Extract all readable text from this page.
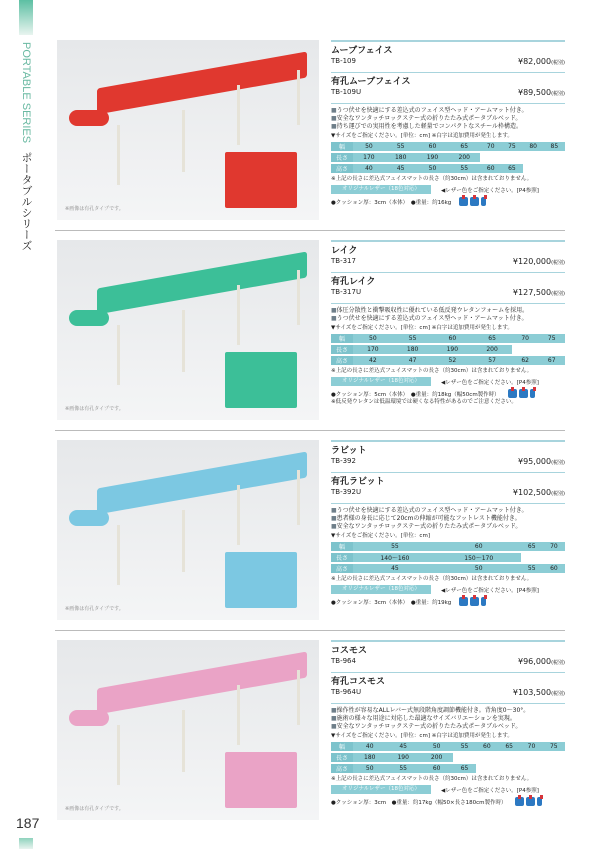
PORTABLE SERIES ポータブルシリーズ	※画像は有孔タイプです。
ムーブフェイス
TB-109	¥82,000(税別)
有孔ムーブフェイス
TB-109U	¥89,500(税別)
■ うつ伏せを快適にする差込式のフェイス型ヘッド・アームマット付き。
■ 安全なワンタッチロックステー式の折りたたみ式ポータブルベッド。
■ 持ち運びでの実用性を考慮した軽量でコンパクトなスチール枠構造。
▼サイズをご指定ください。[単位：cm] ※白字は追加費用が発生します。
幅	50	55	60	65	70	75	80	85
長さ	170	180	190	200				
高さ	40	45	50	55	60	65		
※上記の長さに差込式フェイスマットの長さ（約30cm）は含まれておりません。
オリジナルレザー（18色対応）	◀レザー色をご指定ください。[P4参照]
●クッション厚：3cm（本体）　●重量：約16kg
※画像は有孔タイプです。
レイク
TB-317	¥120,000(税別)
有孔レイク
TB-317U	¥127,500(税別)
■ 体圧分散性と衝撃吸収性に優れている低反発ウレタンフォームを採用。
■ うつ伏せを快適にする差込式のフェイス型ヘッド・アームマット付き。
▼サイズをご指定ください。[単位：cm] ※白字は追加費用が発生します。
幅	50	55	60	65	70	75
長さ	170	180	190	200		
高さ	42	47	52	57	62	67
※上記の長さに差込式フェイスマットの長さ（約30cm）は含まれておりません。
オリジナルレザー（18色対応）	◀レザー色をご指定ください。[P4参照]
●クッション厚：5cm（本体）　●重量：約18kg（幅50cm製作時）
※低反発ウレタンは低温環境では硬くなる特性があるのでご注意ください。
※画像は有孔タイプです。
ラビット
TB-392	¥95,000(税別)
有孔ラビット
TB-392U	¥102,500(税別)
■ うつ伏せを快適にする差込式のフェイス型ヘッド・アームマット付き。
■ 患者様の身長に応じて20cmの伸縮が可能なフットレスト機能付き。
■ 安全なワンタッチロックステー式の折りたたみ式ポータブルベッド。
▼サイズをご指定ください。[単位：cm]
幅	55	60	65	70
長さ	140〜160	150〜170		
高さ	45	50	55	60
※上記の長さに差込式フェイスマットの長さ（約30cm）は含まれておりません。
オリジナルレザー（18色対応）	◀レザー色をご指定ください。[P4参照]
●クッション厚：3cm（本体）　●重量：約19kg
※画像は有孔タイプです。
コスモス
TB-964	¥96,000(税別)
有孔コスモス
TB-964U	¥103,500(税別)
■ 操作性が容易なALLレバー式無段階角度調節機能付き。背角度0〜30°。
■ 施術の様々な用途に対応した最適なサイズバリエーションを実現。
■ 安全なワンタッチロックステー式の折りたたみ式ポータブルベッド。
▼サイズをご指定ください。[単位：cm] ※白字は追加費用が発生します。
幅	40	45	50	55	60	65	70	75
長さ	180	190	200					
高さ	50	55	60	65				
※上記の長さに差込式フェイスマットの長さ（約30cm）は含まれておりません。
オリジナルレザー（18色対応）	◀レザー色をご指定ください。[P4参照]
●クッション厚：3cm　●重量：約17kg（幅50×長さ180cm製作時）
187
